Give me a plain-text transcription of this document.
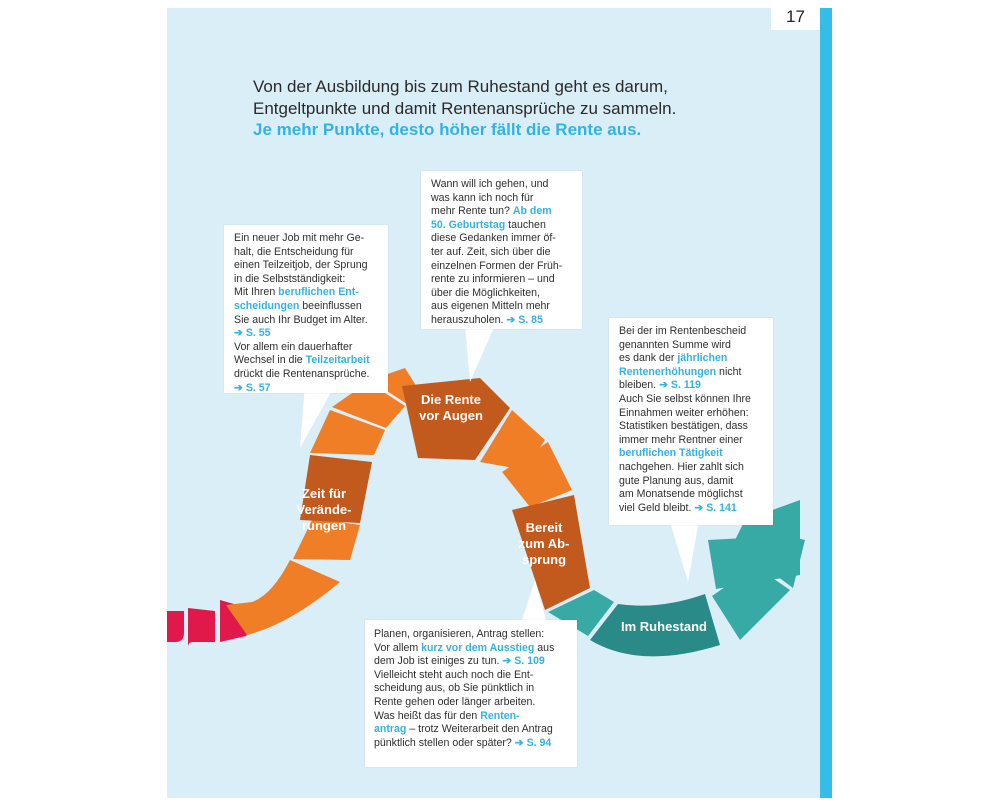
17
Von der Ausbildung bis zum Ruhestand geht es darum,
Entgeltpunkte und damit Rentenansprüche zu sammeln.
Je mehr Punkte, desto höher fällt die Rente aus.
Zeit für Verände- rungen
Die Rente vor Augen
Bereit zum Ab- sprung
Im Ruhestand
Ein neuer Job mit mehr Ge-
halt, die Entscheidung für
einen Teilzeitjob, der Sprung
in die Selbstständigkeit:
Mit Ihren beruflichen Ent-
scheidungen beeinflussen
Sie auch Ihr Budget im Alter.
➔ S. 55
Vor allem ein dauerhafter
Wechsel in die Teilzeitarbeit
drückt die Rentenansprüche.
➔ S. 57
Wann will ich gehen, und
was kann ich noch für
mehr Rente tun? Ab dem
50. Geburtstag tauchen
diese Gedanken immer öf-
ter auf. Zeit, sich über die
einzelnen Formen der Früh-
rente zu informieren – und
über die Möglichkeiten,
aus eigenen Mitteln mehr
herauszuholen. ➔ S. 85
Bei der im Rentenbescheid
genannten Summe wird
es dank der jährlichen
Rentenerhöhungen nicht
bleiben. ➔ S. 119
Auch Sie selbst können Ihre
Einnahmen weiter erhöhen:
Statistiken bestätigen, dass
immer mehr Rentner einer
beruflichen Tätigkeit
nachgehen. Hier zahlt sich
gute Planung aus, damit
am Monatsende möglichst
viel Geld bleibt. ➔ S. 141
Planen, organisieren, Antrag stellen:
Vor allem kurz vor dem Ausstieg aus
dem Job ist einiges zu tun. ➔ S. 109
Vielleicht steht auch noch die Ent-
scheidung aus, ob Sie pünktlich in
Rente gehen oder länger arbeiten.
Was heißt das für den Renten-
antrag – trotz Weiterarbeit den Antrag
pünktlich stellen oder später? ➔ S. 94
